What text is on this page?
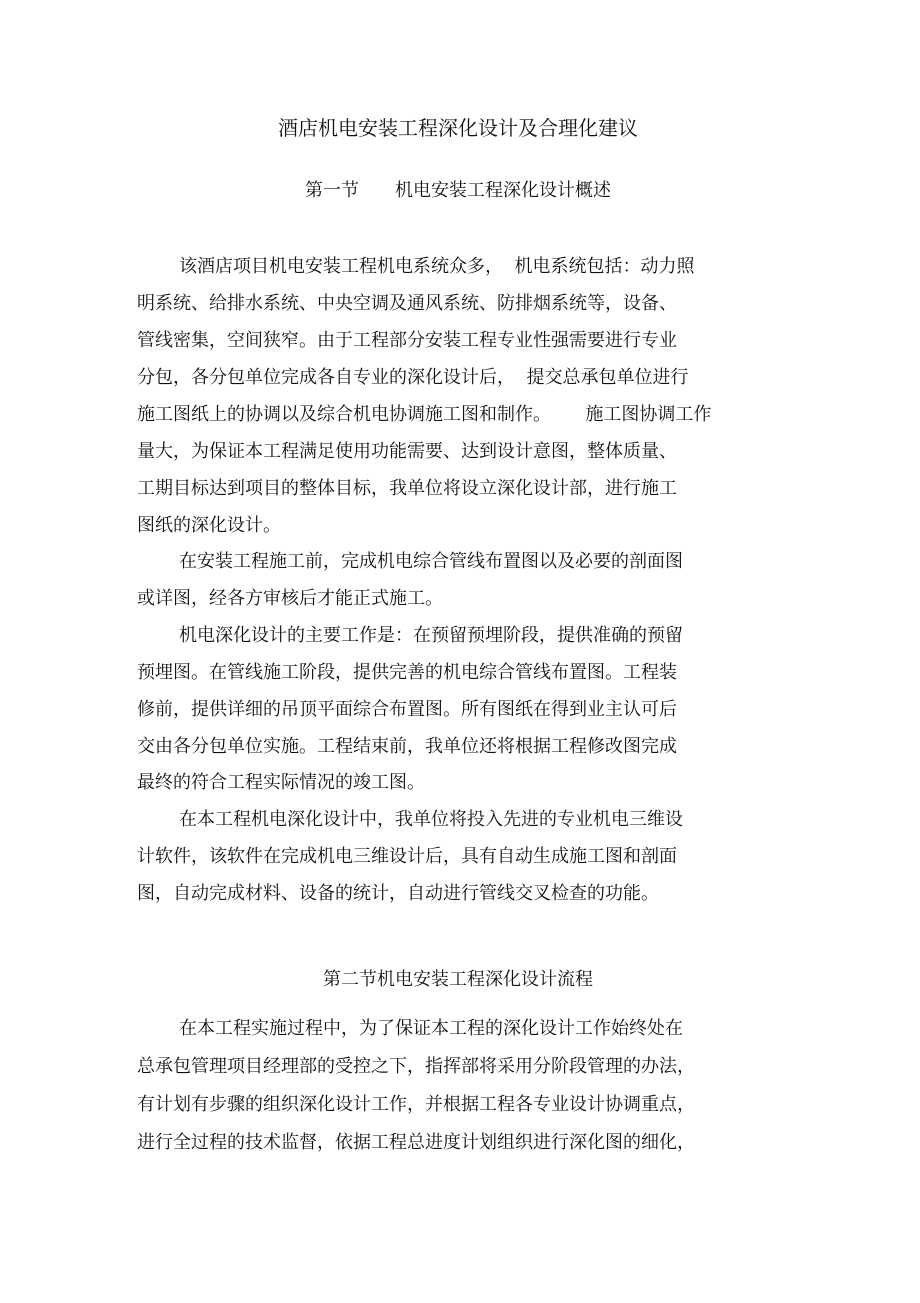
酒店机电安装工程深化设计及合理化建议
第一节 机电安装工程深化设计概述
该酒店项目机电安装工程机电系统众多，  机电系统包括：动力照
明系统、给排水系统、中央空调及通风系统、防排烟系统等，设备、
管线密集，空间狭窄。由于工程部分安装工程专业性强需要进行专业
分包，各分包单位完成各自专业的深化设计后，  提交总承包单位进行
施工图纸上的协调以及综合机电协调施工图和制作。      施工图协调工作
量大，为保证本工程满足使用功能需要、达到设计意图，整体质量、
工期目标达到项目的整体目标，我单位将设立深化设计部，进行施工
图纸的深化设计。
在安装工程施工前，完成机电综合管线布置图以及必要的剖面图
或详图，经各方审核后才能正式施工。
机电深化设计的主要工作是：在预留预埋阶段，提供准确的预留
预埋图。在管线施工阶段，提供完善的机电综合管线布置图。工程装
修前，提供详细的吊顶平面综合布置图。所有图纸在得到业主认可后
交由各分包单位实施。工程结束前，我单位还将根据工程修改图完成
最终的符合工程实际情况的竣工图。
在本工程机电深化设计中，我单位将投入先进的专业机电三维设
计软件，该软件在完成机电三维设计后，具有自动生成施工图和剖面
图，自动完成材料、设备的统计，自动进行管线交叉检查的功能。
第二节机电安装工程深化设计流程
在本工程实施过程中，为了保证本工程的深化设计工作始终处在
总承包管理项目经理部的受控之下，指挥部将采用分阶段管理的办法，
有计划有步骤的组织深化设计工作，并根据工程各专业设计协调重点，
进行全过程的技术监督，依据工程总进度计划组织进行深化图的细化，
